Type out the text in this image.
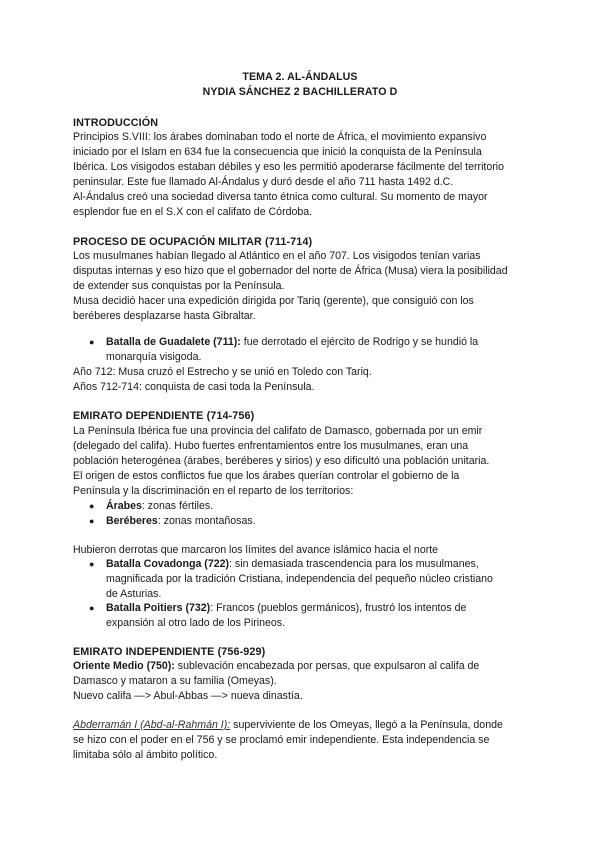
TEMA 2. AL-ÁNDALUS
NYDIA SÁNCHEZ 2 BACHILLERATO D
INTRODUCCIÓN
Principios S.VIII: los árabes dominaban todo el norte de África, el movimiento expansivo
iniciado por el Islam en 634 fue la consecuencia que inició la conquista de la Península
Ibérica. Los visigodos estaban débiles y eso les permitió apoderarse fácilmente del territorio
peninsular. Este fue llamado Al-Ándalus y duró desde el año 711 hasta 1492 d.C.
Al-Ándalus creó una sociedad diversa tanto étnica como cultural. Su momento de mayor
esplendor fue en el S.X con el califato de Córdoba.
PROCESO DE OCUPACIÓN MILITAR (711-714)
Los musulmanes habían llegado al Atlántico en el año 707. Los visigodos tenían varias
disputas internas y eso hizo que el gobernador del norte de África (Musa) viera la posibilidad
de extender sus conquistas por la Península.
Musa decidió hacer una expedición dirigida por Tariq (gerente), que consiguió con los
beréberes desplazarse hasta Gibraltar.
● Batalla de Guadalete (711): fue derrotado el ejército de Rodrigo y se hundió la
monarquía visigoda.
Año 712: Musa cruzó el Estrecho y se unió en Toledo con Tariq.
Años 712-714: conquista de casi toda la Península.
EMIRATO DEPENDIENTE (714-756)
La Península Ibérica fue una provincia del califato de Damasco, gobernada por un emir
(delegado del califa). Hubo fuertes enfrentamientos entre los musulmanes, eran una
población heterogénea (árabes, beréberes y sirios) y eso dificultó una población unitaria.
El origen de estos conflictos fue que los árabes querían controlar el gobierno de la
Península y la discriminación en el reparto de los territorios:
● Árabes: zonas fértiles.
● Beréberes: zonas montañosas.
Hubieron derrotas que marcaron los límites del avance islámico hacia el norte
● Batalla Covadonga (722): sin demasiada trascendencia para los musulmanes,
magnificada por la tradición Cristiana, independencia del pequeño núcleo cristiano
de Asturias.
● Batalla Poitiers (732): Francos (pueblos germánicos), frustró los intentos de
expansión al otro lado de los Pirineos.
EMIRATO INDEPENDIENTE (756-929)
Oriente Medio (750): sublevación encabezada por persas, que expulsaron al califa de
Damasco y mataron a su familia (Omeyas).
Nuevo califa —> Abul-Abbas —> nueva dinastía.
Abderramán I (Abd-al-Rahmán I): superviviente de los Omeyas, llegó a la Península, donde
se hizo con el poder en el 756 y se proclamó emir independiente. Esta independencia se
limitaba sólo al ámbito político.
